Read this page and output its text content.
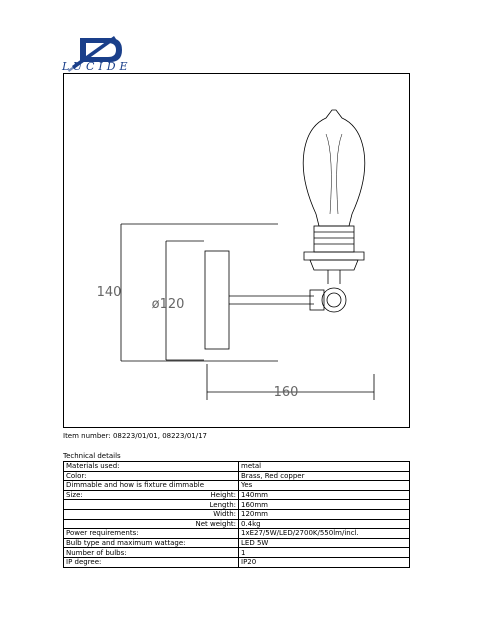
LUCIDE
140
ø120
160
Item number: 08223/01/01, 08223/01/17
Technical details
Materials used:		metal
Color:		Brass, Red copper
Dimmable and how is fixture dimmable		Yes
Size:	Height:	140mm
	Length:	160mm
	Width:	120mm
	Net weight:	0.4kg
Power requirements:		1xE27/5W/LED/2700K/550lm/incl.
Bulb type and maximum wattage:		LED 5W
Number of bulbs:		1
IP degree:		IP20
